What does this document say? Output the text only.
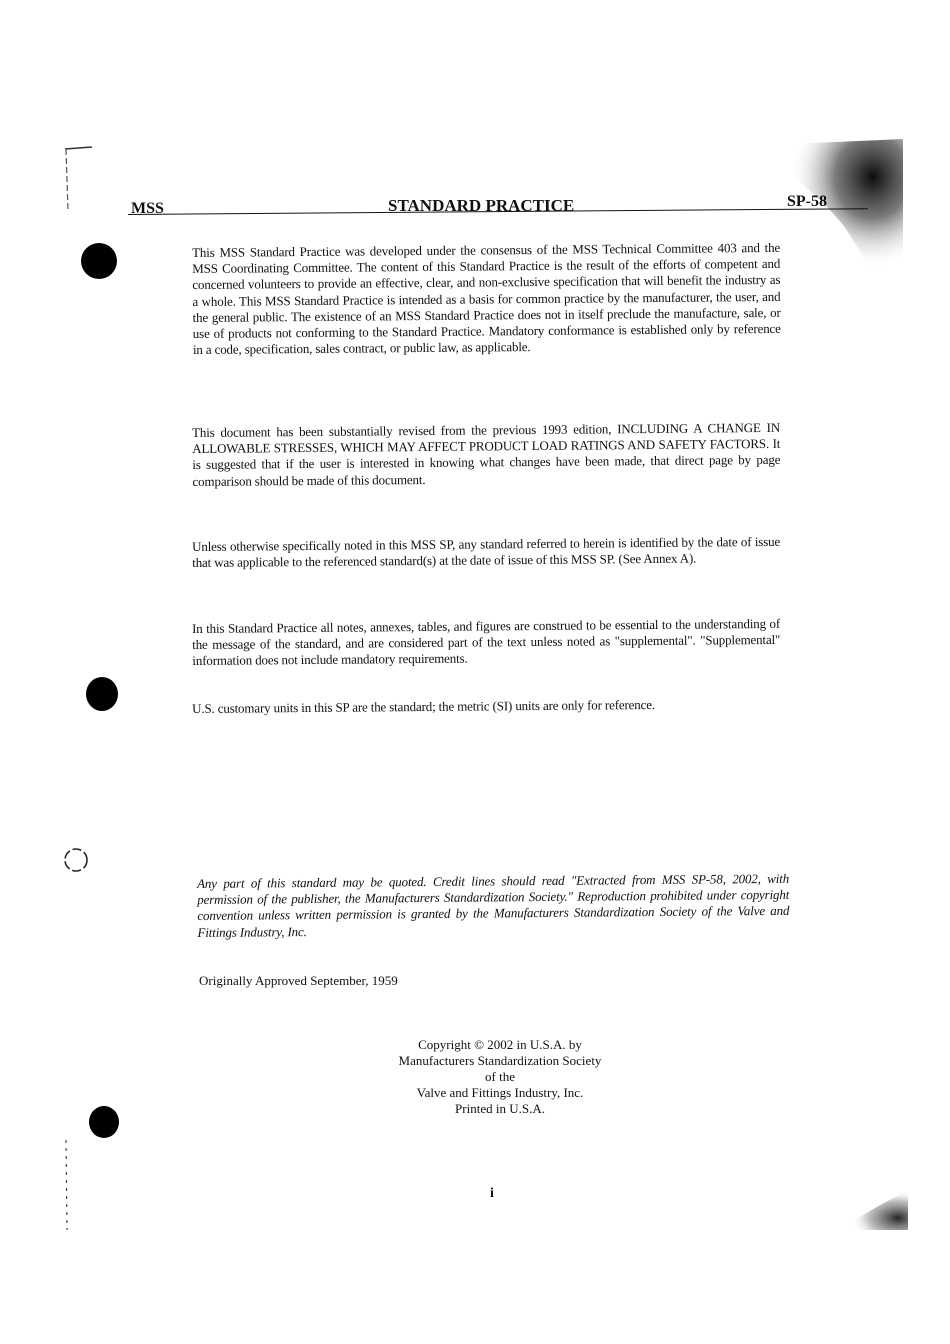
MSS	STANDARD PRACTICE	SP-58

This MSS Standard Practice was developed under the consensus of the MSS Technical Committee 403 and the MSS Coordinating Committee. The content of this Standard Practice is the result of the efforts of competent and concerned volunteers to provide an effective, clear, and non-exclusive specification that will benefit the industry as a whole. This MSS Standard Practice is intended as a basis for common practice by the manufacturer, the user, and the general public. The existence of an MSS Standard Practice does not in itself preclude the manufacture, sale, or use of products not conforming to the Standard Practice. Mandatory conformance is established only by reference in a code, specification, sales contract, or public law, as applicable.

This document has been substantially revised from the previous 1993 edition, INCLUDING A CHANGE IN ALLOWABLE STRESSES, WHICH MAY AFFECT PRODUCT LOAD RATINGS AND SAFETY FACTORS. It is suggested that if the user is interested in knowing what changes have been made, that direct page by page comparison should be made of this document.

Unless otherwise specifically noted in this MSS SP, any standard referred to herein is identified by the date of issue that was applicable to the referenced standard(s) at the date of issue of this MSS SP. (See Annex A).

In this Standard Practice all notes, annexes, tables, and figures are construed to be essential to the understanding of the message of the standard, and are considered part of the text unless noted as "supplemental". "Supplemental" information does not include mandatory requirements.

U.S. customary units in this SP are the standard; the metric (SI) units are only for reference.

Any part of this standard may be quoted. Credit lines should read "Extracted from MSS SP-58, 2002, with permission of the publisher, the Manufacturers Standardization Society." Reproduction prohibited under copyright convention unless written permission is granted by the Manufacturers Standardization Society of the Valve and Fittings Industry, Inc.

Originally Approved September, 1959

Copyright © 2002 in U.S.A. by
Manufacturers Standardization Society
of the
Valve and Fittings Industry, Inc.
Printed in U.S.A.
i
